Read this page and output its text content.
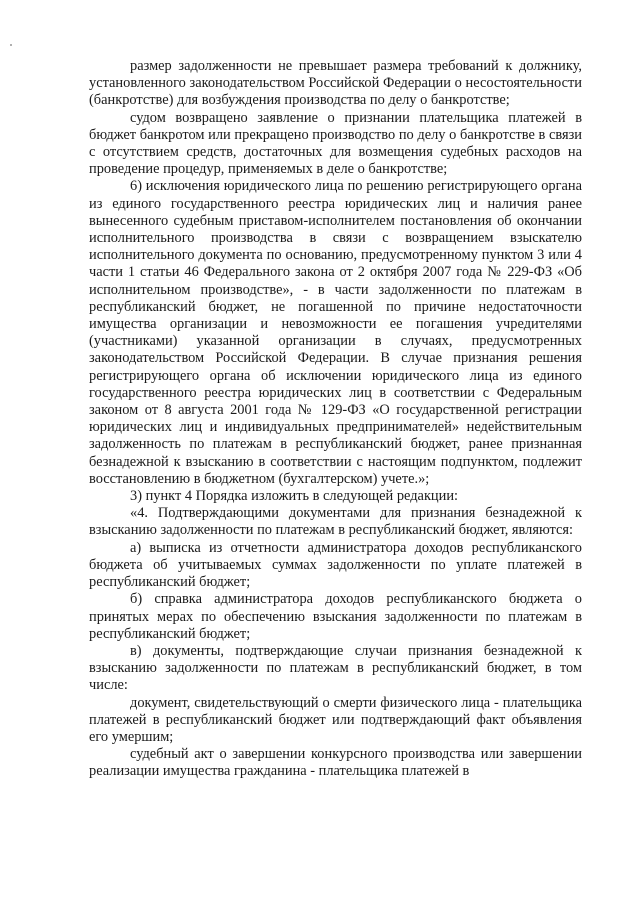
размер задолженности не превышает размера требований к должнику, установленного законодательством Российской Федерации о несостоятельности (банкротстве) для возбуждения производства по делу о банкротстве;

судом возвращено заявление о признании плательщика платежей в бюджет банкротом или прекращено производство по делу о банкротстве в связи с отсутствием средств, достаточных для возмещения судебных расходов на проведение процедур, применяемых в деле о банкротстве;

6) исключения юридического лица по решению регистрирующего органа из единого государственного реестра юридических лиц и наличия ранее вынесенного судебным приставом-исполнителем постановления об окончании исполнительного производства в связи с возвращением взыскателю исполнительного документа по основанию, предусмотренному пунктом 3 или 4 части 1 статьи 46 Федерального закона от 2 октября 2007 года № 229-ФЗ «Об исполнительном производстве», - в части задолженности по платежам в республиканский бюджет, не погашенной по причине недостаточности имущества организации и невозможности ее погашения учредителями (участниками) указанной организации в случаях, предусмотренных законодательством Российской Федерации. В случае признания решения регистрирующего органа об исключении юридического лица из единого государственного реестра юридических лиц в соответствии с Федеральным законом от 8 августа 2001 года № 129-ФЗ «О государственной регистрации юридических лиц и индивидуальных предпринимателей» недействительным задолженность по платежам в республиканский бюджет, ранее признанная безнадежной к взысканию в соответствии с настоящим подпунктом, подлежит восстановлению в бюджетном (бухгалтерском) учете.»;

3) пункт 4 Порядка изложить в следующей редакции:

«4. Подтверждающими документами для признания безнадежной к взысканию задолженности по платежам в республиканский бюджет, являются:

а) выписка из отчетности администратора доходов республиканского бюджета об учитываемых суммах задолженности по уплате платежей в республиканский бюджет;

б) справка администратора доходов республиканского бюджета о принятых мерах по обеспечению взыскания задолженности по платежам в республиканский бюджет;

в) документы, подтверждающие случаи признания безнадежной к взысканию задолженности по платежам в республиканский бюджет, в том числе:

документ, свидетельствующий о смерти физического лица - плательщика платежей в республиканский бюджет или подтверждающий факт объявления его умершим;

судебный акт о завершении конкурсного производства или завершении реализации имущества гражданина - плательщика платежей в
